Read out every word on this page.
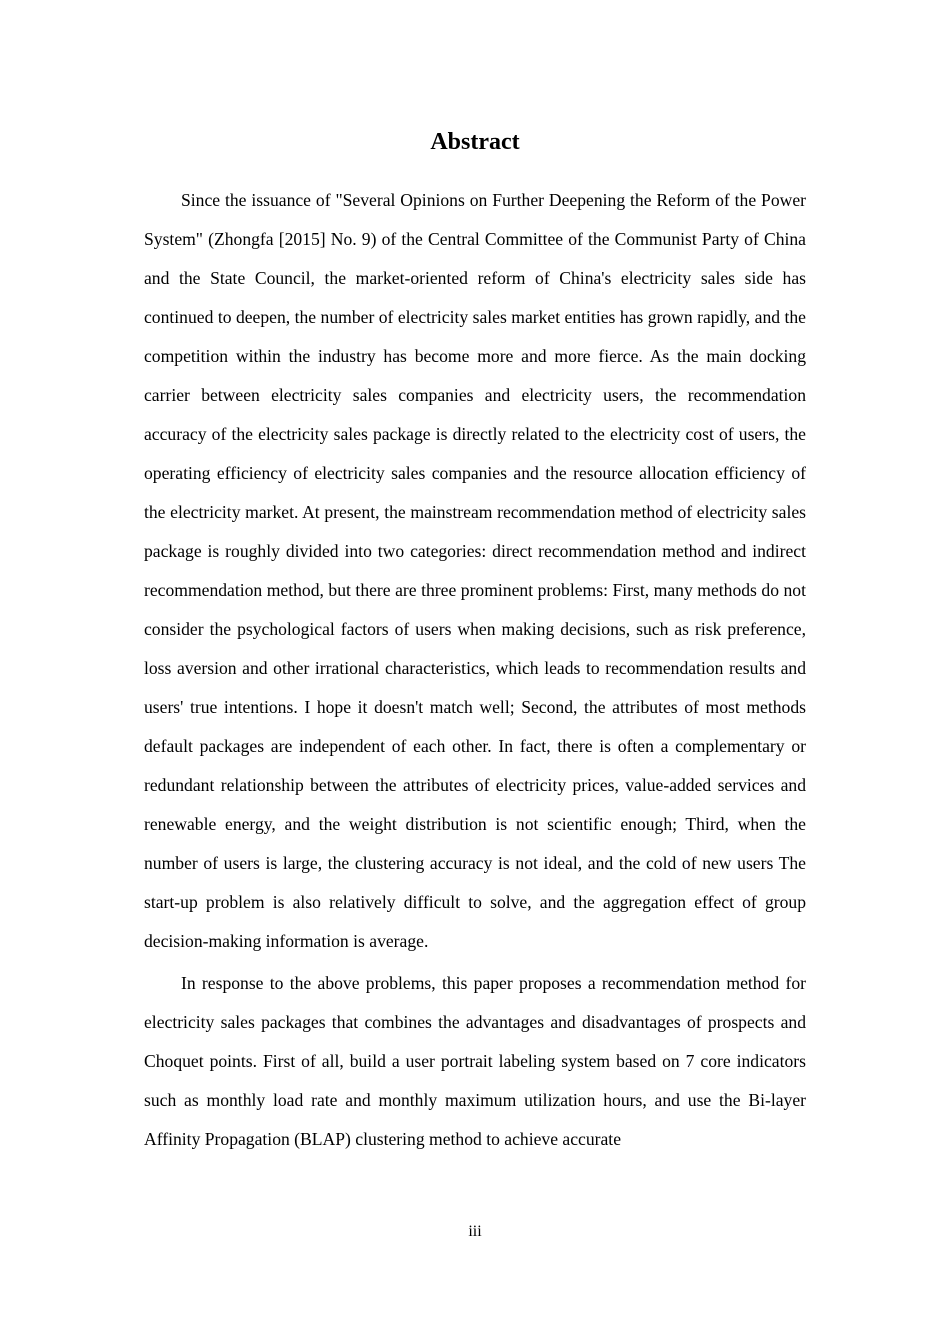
Abstract

Since the issuance of "Several Opinions on Further Deepening the Reform of the Power System" (Zhongfa [2015] No. 9) of the Central Committee of the Communist Party of China and the State Council, the market-oriented reform of China's electricity sales side has continued to deepen, the number of electricity sales market entities has grown rapidly, and the competition within the industry has become more and more fierce. As the main docking carrier between electricity sales companies and electricity users, the recommendation accuracy of the electricity sales package is directly related to the electricity cost of users, the operating efficiency of electricity sales companies and the resource allocation efficiency of the electricity market. At present, the mainstream recommendation method of electricity sales package is roughly divided into two categories: direct recommendation method and indirect recommendation method, but there are three prominent problems: First, many methods do not consider the psychological factors of users when making decisions, such as risk preference, loss aversion and other irrational characteristics, which leads to recommendation results and users' true intentions. I hope it doesn't match well; Second, the attributes of most methods default packages are independent of each other. In fact, there is often a complementary or redundant relationship between the attributes of electricity prices, value-added services and renewable energy, and the weight distribution is not scientific enough; Third, when the number of users is large, the clustering accuracy is not ideal, and the cold of new users The start-up problem is also relatively difficult to solve, and the aggregation effect of group decision-making information is average.

In response to the above problems, this paper proposes a recommendation method for electricity sales packages that combines the advantages and disadvantages of prospects and Choquet points. First of all, build a user portrait labeling system based on 7 core indicators such as monthly load rate and monthly maximum utilization hours, and use the Bi-layer Affinity Propagation (BLAP) clustering method to achieve accurate

iii
